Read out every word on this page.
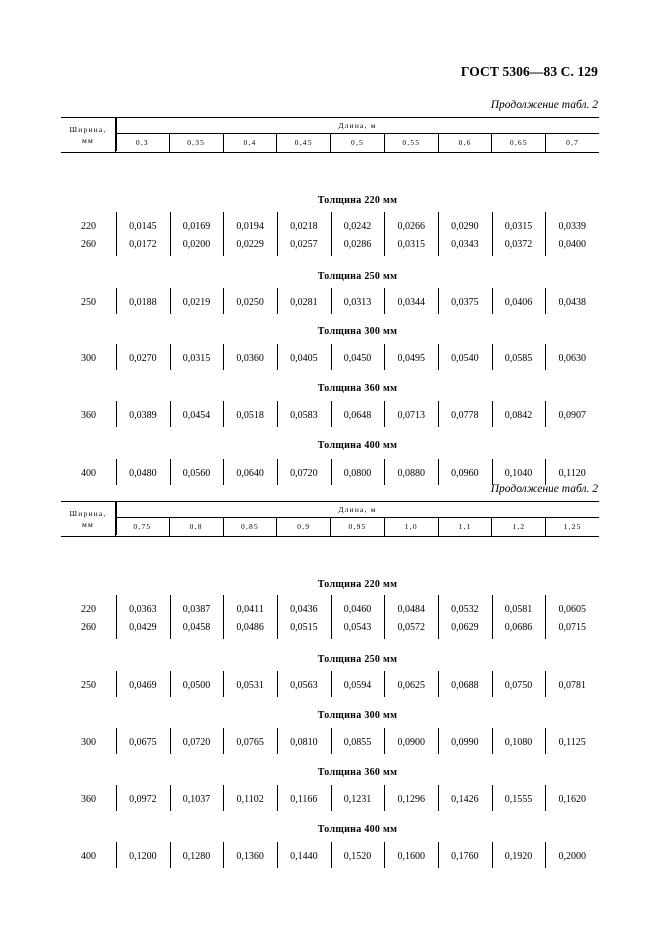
ГОСТ 5306—83 С. 129
Продолжение табл. 2
Ширина,
мм
Длина, м
0,3	0,35	0,4	0,45	0,5	0,55	0,6	0,65	0,7
Толщина 220 мм
220	0,0145	0,0169	0,0194	0,0218	0,0242	0,0266	0,0290	0,0315	0,0339
260	0,0172	0,0200	0,0229	0,0257	0,0286	0,0315	0,0343	0,0372	0,0400
Толщина 250 мм
250	0,0188	0,0219	0,0250	0,0281	0,0313	0,0344	0,0375	0,0406	0,0438
Толщина 300 мм
300	0,0270	0,0315	0,0360	0,0405	0,0450	0,0495	0,0540	0,0585	0,0630
Толщина 360 мм
360	0,0389	0,0454	0,0518	0,0583	0,0648	0,0713	0,0778	0,0842	0,0907
Толщина 400 мм
400	0,0480	0,0560	0,0640	0,0720	0,0800	0,0880	0,0960	0,1040	0,1120
Продолжение табл. 2
Ширина,
мм
Длина, м
0,75	0,8	0,85	0,9	0,95	1,0	1,1	1,2	1,25
Толщина 220 мм
220	0,0363	0,0387	0,0411	0,0436	0,0460	0,0484	0,0532	0,0581	0,0605
260	0,0429	0,0458	0,0486	0,0515	0,0543	0,0572	0,0629	0,0686	0,0715
Толщина 250 мм
250	0,0469	0,0500	0,0531	0,0563	0,0594	0,0625	0,0688	0,0750	0,0781
Толщина 300 мм
300	0,0675	0,0720	0,0765	0,0810	0,0855	0,0900	0,0990	0,1080	0,1125
Толщина 360 мм
360	0,0972	0,1037	0,1102	0,1166	0,1231	0,1296	0,1426	0,1555	0,1620
Толщина 400 мм
400	0,1200	0,1280	0,1360	0,1440	0,1520	0,1600	0,1760	0,1920	0,2000
